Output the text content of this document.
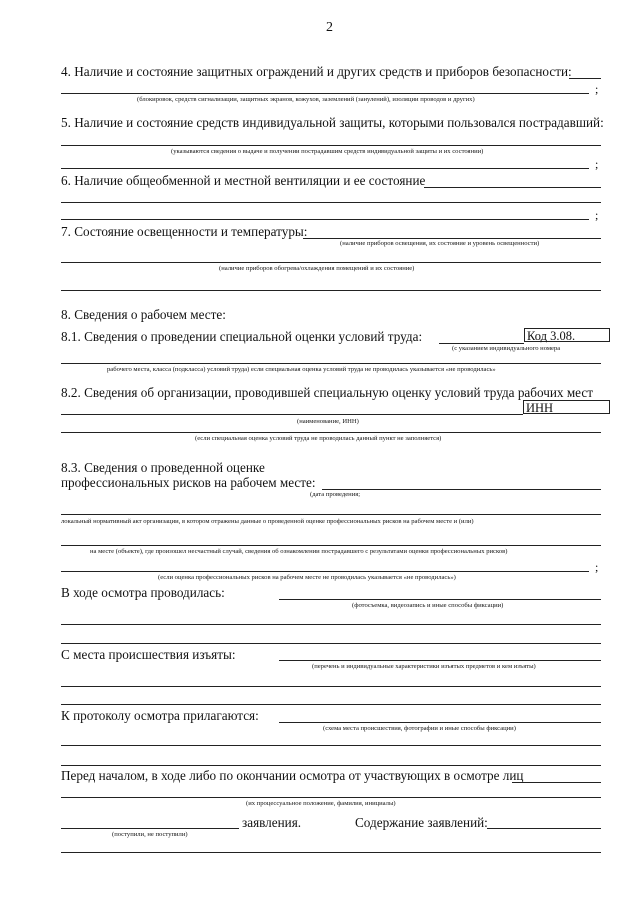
2
4. Наличие и состояние защитных ограждений и других средств и приборов безопасности:
;
(блокировок, средств сигнализации, защитных экранов, кожухов, заземлений (занулений), изоляции проводов и других)
5. Наличие и состояние средств индивидуальной защиты, которыми пользовался пострадавший:
(указываются сведения о выдаче и получении пострадавшим средств индивидуальной защиты и их состоянии)
;
6. Наличие общеобменной и местной вентиляции и ее состояние
;
7. Состояние освещенности и температуры:
(наличие приборов освещения, их состояние и уровень освещенности)
(наличие приборов обогрева/охлаждения помещений и их состояние)
8. Сведения о рабочем месте:
8.1. Сведения о проведении специальной оценки условий труда:	Код 3.08.
(с указанием индивидуального номера
рабочего места, класса (подкласса) условий труда) если специальная оценка условий труда не проводилась указывается «не проводилась»
8.2. Сведения об организации, проводившей специальную оценку условий труда рабочих мест
ИНН
(наименование, ИНН)
(если специальная оценка условий труда не проводилась данный пункт не заполняется)
8.3. Сведения о проведенной оценке
профессиональных рисков на рабочем месте:
(дата проведения;
локальный нормативный акт организации, в котором отражены данные о проведенной оценке профессиональных рисков на рабочем месте и (или)
на месте (объекте), где произошел несчастный случай, сведения об ознакомлении пострадавшего с результатами оценки профессиональных рисков)
;
(если оценка профессиональных рисков на рабочем месте не проводилась указывается «не проводилась»)
В ходе осмотра проводилась:
(фотосъемка, видеозапись и иные способы фиксации)
С места происшествия изъяты:
(перечень и индивидуальные характеристики изъятых предметов и кем изъяты)
К протоколу осмотра прилагаются:
(схема места происшествия, фотографии и иные способы фиксации)
Перед началом, в ходе либо по окончании осмотра от участвующих в осмотре лиц
(их процессуальное положение, фамилия, инициалы)
заявления.	Содержание заявлений:
(поступили, не поступили)
